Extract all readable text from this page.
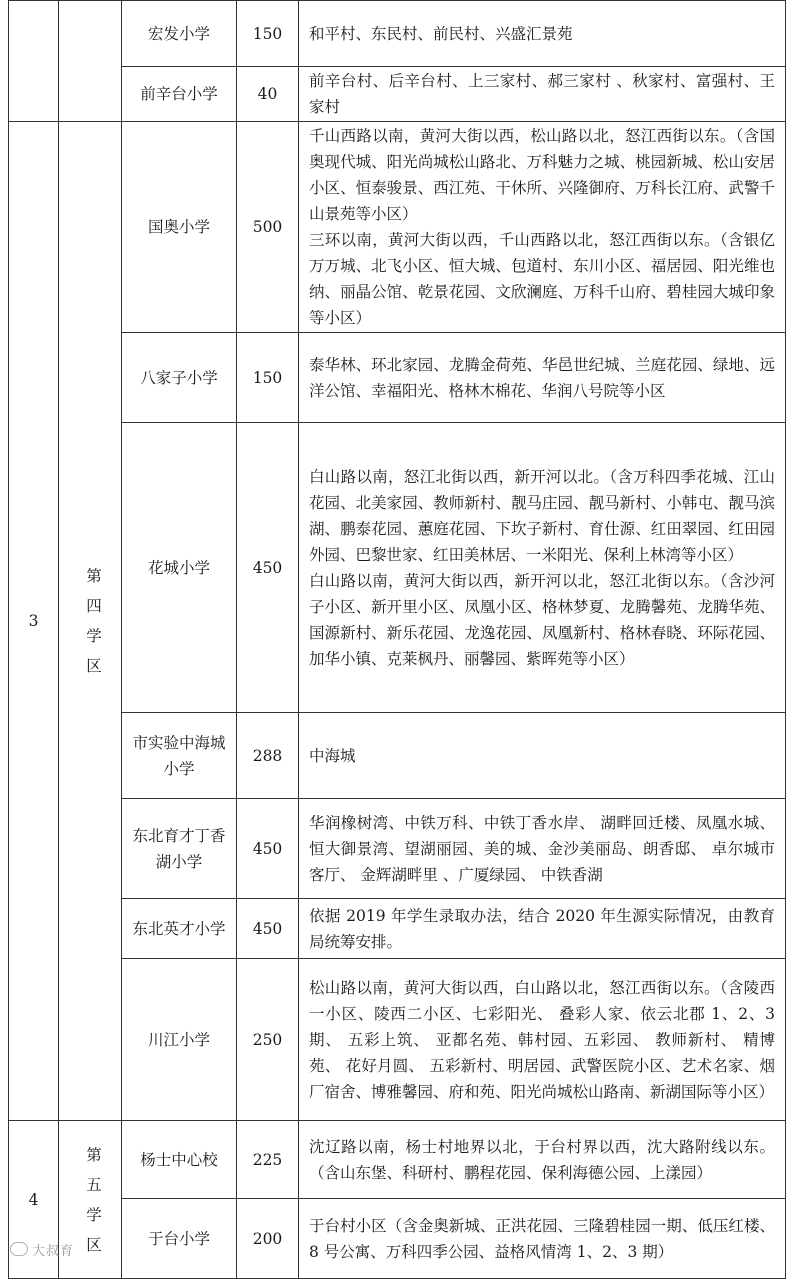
		宏发小学	150	和平村、东民村、前民村、兴盛汇景苑

		前辛台小学	40	前辛台村、后辛台村、上三家村、郝三家村 、秋家村、富强村、王家村

3	第四学区	国奥小学	500	千山西路以南，黄河大街以西，松山路以北，怒江西街以东。（含国奥现代城、阳光尚城松山路北、万科魅力之城、桃园新城、松山安居小区、恒泰骏景、西江苑、干休所、兴隆御府、万科长江府、武警千山景苑等小区）
三环以南，黄河大街以西，千山西路以北，怒江西街以东。（含银亿万万城、北飞小区、恒大城、包道村、东川小区、福居园、阳光维也纳、丽晶公馆、乾景花园、文欣澜庭、万科千山府、碧桂园大城印象等小区）

		八家子小学	150	泰华林、环北家园、龙腾金荷苑、华邑世纪城、兰庭花园、绿地、远洋公馆、幸福阳光、格林木棉花、华润八号院等小区

		花城小学	450	白山路以南，怒江北街以西，新开河以北。（含万科四季花城、江山花园、北美家园、教师新村、靓马庄园、靓马新村、小韩屯、靓马滨湖、鹏泰花园、蕙庭花园、下坎子新村、育仕源、红田翠园、红田园外园、巴黎世家、红田美林居、一米阳光、保利上林湾等小区）
白山路以南，黄河大街以西，新开河以北，怒江北街以东。（含沙河子小区、新开里小区、凤凰小区、格林梦夏、龙腾馨苑、龙腾华苑、国源新村、新乐花园、龙逸花园、凤凰新村、格林春晓、环际花园、加华小镇、克莱枫丹、丽馨园、紫晖苑等小区）

		市实验中海城小学	288	中海城

		东北育才丁香湖小学	450	华润橡树湾、中铁万科、中铁丁香水岸、 湖畔回迁楼、凤凰水城、恒大御景湾、望湖丽园、美的城、金沙美丽岛、朗香邸、 卓尔城市客厅、 金辉湖畔里 、广厦绿园、 中铁香湖

		东北英才小学	450	依据 2019 年学生录取办法，结合 2020 年生源实际情况，由教育局统筹安排。

		川江小学	250	松山路以南，黄河大街以西，白山路以北，怒江西街以东。（含陵西一小区、陵西二小区、七彩阳光、 叠彩人家、依云北郡 1、2、3 期、 五彩上筑、 亚都名苑、韩村园、五彩园、 教师新村、 精博苑、 花好月圆、 五彩新村、明居园、武警医院小区、艺术名家、烟厂宿舍、博雅馨园、府和苑、阳光尚城松山路南、新湖国际等小区）

4	第五学区	杨士中心校	225	沈辽路以南，杨士村地界以北，于台村界以西，沈大路附线以东。（含山东堡、科研村、鹏程花园、保利海德公园、上漾园）

		于台小学	200	于台村小区（含金奥新城、正洪花园、三隆碧桂园一期、低压红楼、 8 号公寓、万科四季公园、益格风情湾 1、2、3 期）
大叔育
